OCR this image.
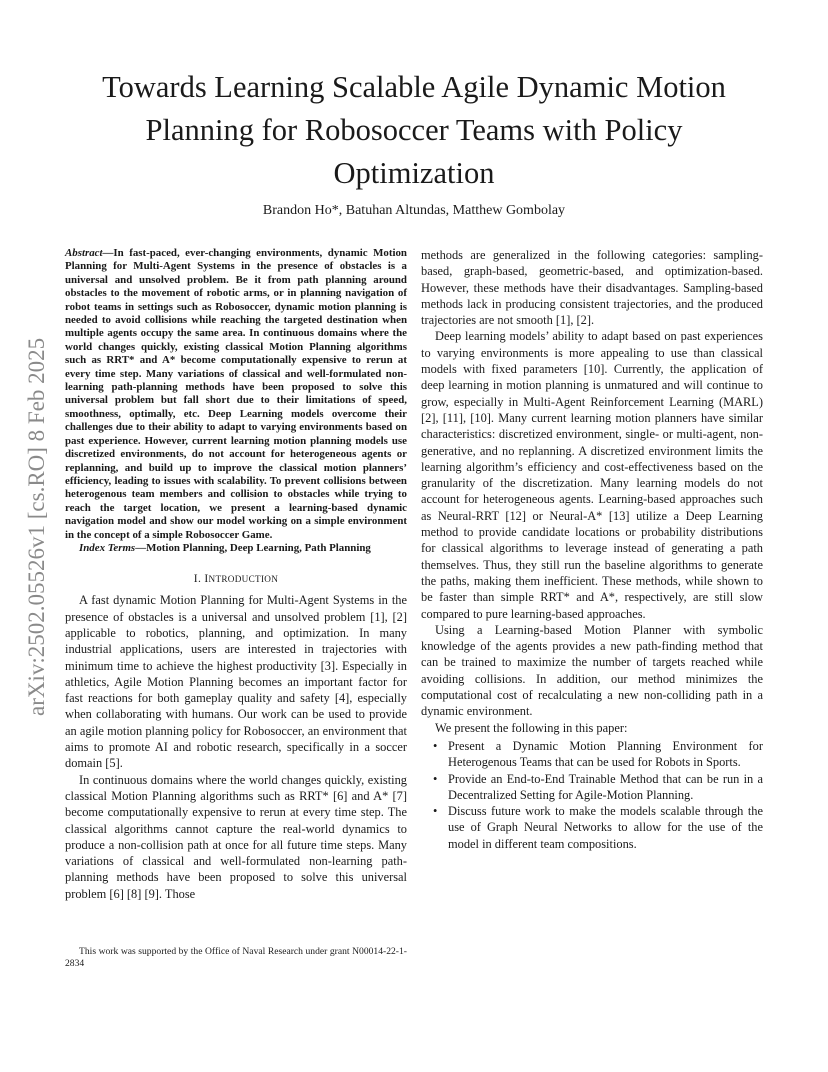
Towards Learning Scalable Agile Dynamic Motion
Planning for Robosoccer Teams with Policy
Optimization
Brandon Ho*, Batuhan Altundas, Matthew Gombolay
arXiv:2502.05526v1 [cs.RO] 8 Feb 2025
Abstract—In fast-paced, ever-changing environments, dynamic Motion Planning for Multi-Agent Systems in the presence of obstacles is a universal and unsolved problem. Be it from path planning around obstacles to the movement of robotic arms, or in planning navigation of robot teams in settings such as Robosoccer, dynamic motion planning is needed to avoid collisions while reaching the targeted destination when multiple agents occupy the same area. In continuous domains where the world changes quickly, existing classical Motion Planning algorithms such as RRT* and A* become computationally expensive to rerun at every time step. Many variations of classical and well-formulated non-learning path-planning methods have been proposed to solve this universal problem but fall short due to their limitations of speed, smoothness, optimally, etc. Deep Learning models overcome their challenges due to their ability to adapt to varying environments based on past experience. However, current learning motion planning models use discretized environments, do not account for heterogeneous agents or replanning, and build up to improve the classical motion planners’ efficiency, leading to issues with scalability. To prevent collisions between heterogenous team members and collision to obstacles while trying to reach the target location, we present a learning-based dynamic navigation model and show our model working on a simple environment in the concept of a simple Robosoccer Game.
Index Terms—Motion Planning, Deep Learning, Path Planning
I. INTRODUCTION

A fast dynamic Motion Planning for Multi-Agent Systems in the presence of obstacles is a universal and unsolved problem [1], [2] applicable to robotics, planning, and optimization. In many industrial applications, users are interested in trajectories with minimum time to achieve the highest productivity [3]. Especially in athletics, Agile Motion Planning becomes an important factor for fast reactions for both gameplay quality and safety [4], especially when collaborating with humans. Our work can be used to provide an agile motion planning policy for Robosoccer, an environment that aims to promote AI and robotic research, specifically in a soccer domain [5].

In continuous domains where the world changes quickly, existing classical Motion Planning algorithms such as RRT* [6] and A* [7] become computationally expensive to rerun at every time step. The classical algorithms cannot capture the real-world dynamics to produce a non-collision path at once for all future time steps. Many variations of classical and well-formulated non-learning path-planning methods have been proposed to solve this universal problem [6] [8] [9]. Those

methods are generalized in the following categories: sampling-based, graph-based, geometric-based, and optimization-based. However, these methods have their disadvantages. Sampling-based methods lack in producing consistent trajectories, and the produced trajectories are not smooth [1], [2].

Deep learning models’ ability to adapt based on past experiences to varying environments is more appealing to use than classical models with fixed parameters [10]. Currently, the application of deep learning in motion planning is unmatured and will continue to grow, especially in Multi-Agent Reinforcement Learning (MARL) [2], [11], [10]. Many current learning motion planners have similar characteristics: discretized environment, single- or multi-agent, non-generative, and no replanning. A discretized environment limits the learning algorithm’s efficiency and cost-effectiveness based on the granularity of the discretization. Many learning models do not account for heterogeneous agents. Learning-based approaches such as Neural-RRT [12] or Neural-A* [13] utilize a Deep Learning method to provide candidate locations or probability distributions for classical algorithms to leverage instead of generating a path themselves. Thus, they still run the baseline algorithms to generate the paths, making them inefficient. These methods, while shown to be faster than simple RRT* and A*, respectively, are still slow compared to pure learning-based approaches.

Using a Learning-based Motion Planner with symbolic knowledge of the agents provides a new path-finding method that can be trained to maximize the number of targets reached while avoiding collisions. In addition, our method minimizes the computational cost of recalculating a new non-colliding path in a dynamic environment.

We present the following in this paper:

• Present a Dynamic Motion Planning Environment for Heterogenous Teams that can be used for Robots in Sports.
• Provide an End-to-End Trainable Method that can be run in a Decentralized Setting for Agile-Motion Planning.
• Discuss future work to make the models scalable through the use of Graph Neural Networks to allow for the use of the model in different team compositions.
This work was supported by the Office of Naval Research under grant N00014-22-1-2834
